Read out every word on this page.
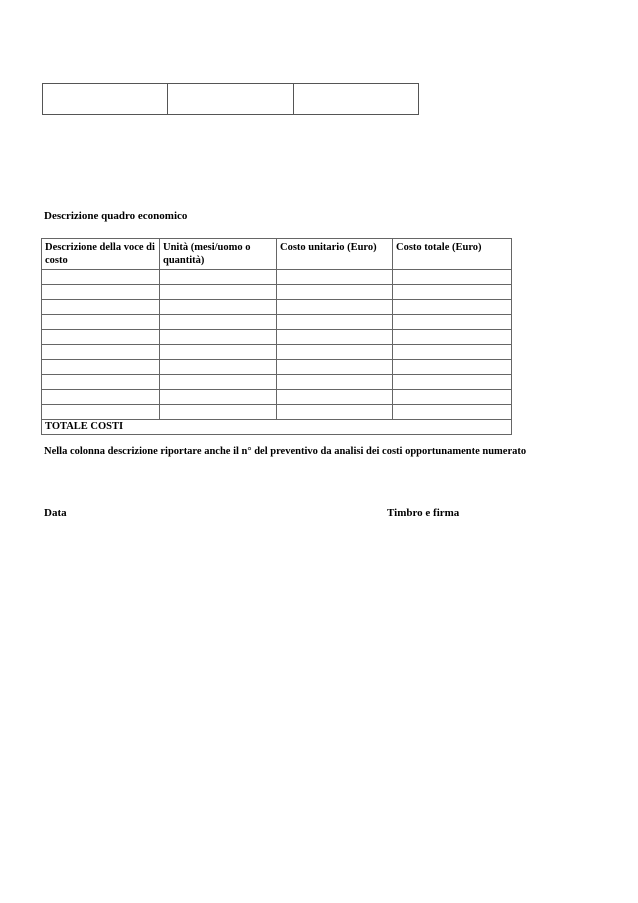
Descrizione quadro economico
Descrizione della voce di costo	Unità (mesi/uomo o quantità)	Costo unitario (Euro)	Costo totale (Euro)

TOTALE COSTI			
Nella colonna descrizione riportare anche il n° del preventivo da analisi dei costi opportunamente numerato
Data	Timbro e firma
